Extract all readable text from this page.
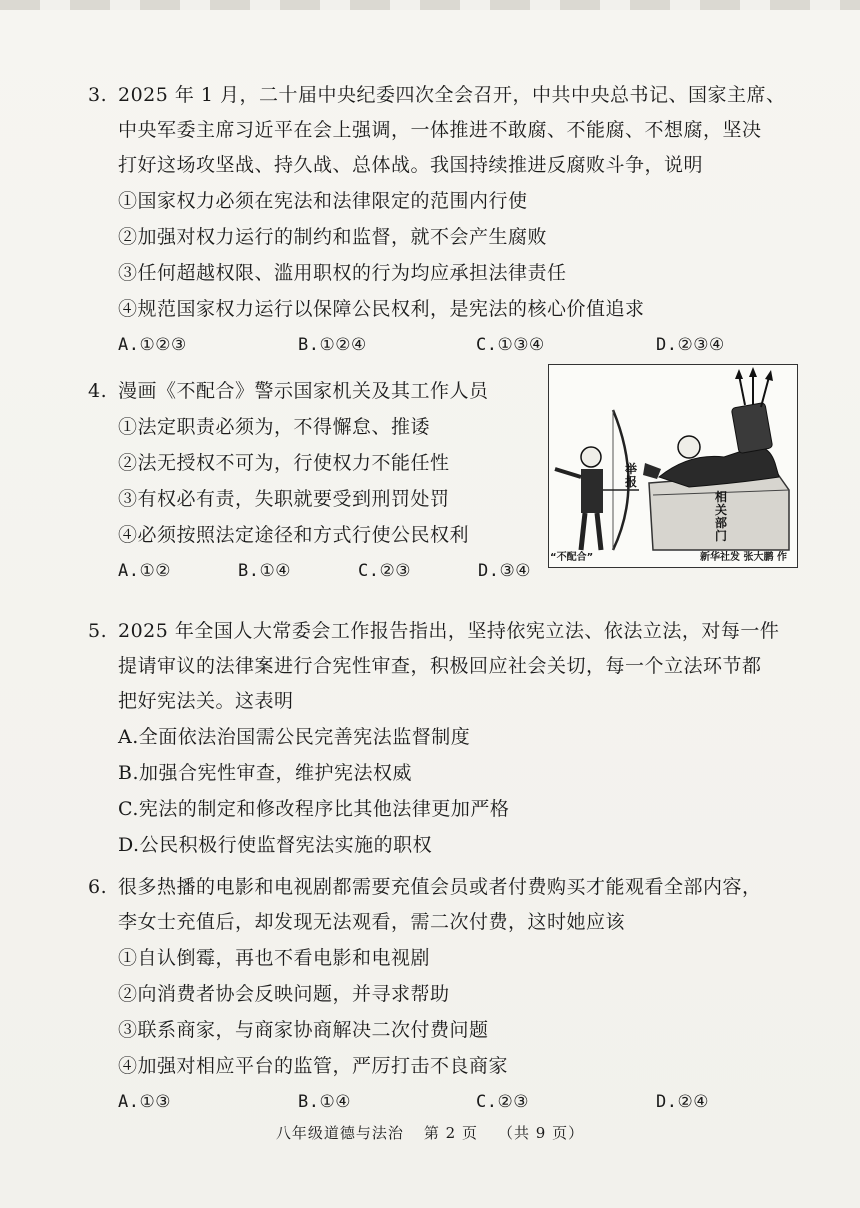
3. 2025 年 1 月，二十届中央纪委四次全会召开，中共中央总书记、国家主席、
中央军委主席习近平在会上强调，一体推进不敢腐、不能腐、不想腐，坚决
打好这场攻坚战、持久战、总体战。我国持续推进反腐败斗争，说明
①国家权力必须在宪法和法律限定的范围内行使
②加强对权力运行的制约和监督，就不会产生腐败
③任何超越权限、滥用职权的行为均应承担法律责任
④规范国家权力运行以保障公民权利，是宪法的核心价值追求
A.①②③	B.①②④	C.①③④	D.②③④
4. 漫画《不配合》警示国家机关及其工作人员
①法定职责必须为，不得懈怠、推诿
②法无授权不可为，行使权力不能任性
③有权必有责，失职就要受到刑罚处罚
④必须按照法定途径和方式行使公民权利
A.①②	B.①④	C.②③	D.③④
举报
相关部门
“不配合”	新华社发 张大鹏 作
5. 2025 年全国人大常委会工作报告指出，坚持依宪立法、依法立法，对每一件
提请审议的法律案进行合宪性审查，积极回应社会关切，每一个立法环节都
把好宪法关。这表明
A.全面依法治国需公民完善宪法监督制度
B.加强合宪性审查，维护宪法权威
C.宪法的制定和修改程序比其他法律更加严格
D.公民积极行使监督宪法实施的职权
6. 很多热播的电影和电视剧都需要充值会员或者付费购买才能观看全部内容，
李女士充值后，却发现无法观看，需二次付费，这时她应该
①自认倒霉，再也不看电影和电视剧
②向消费者协会反映问题，并寻求帮助
③联系商家，与商家协商解决二次付费问题
④加强对相应平台的监管，严厉打击不良商家
A.①③	B.①④	C.②③	D.②④
八年级道德与法治 第 2 页 （共 9 页）
